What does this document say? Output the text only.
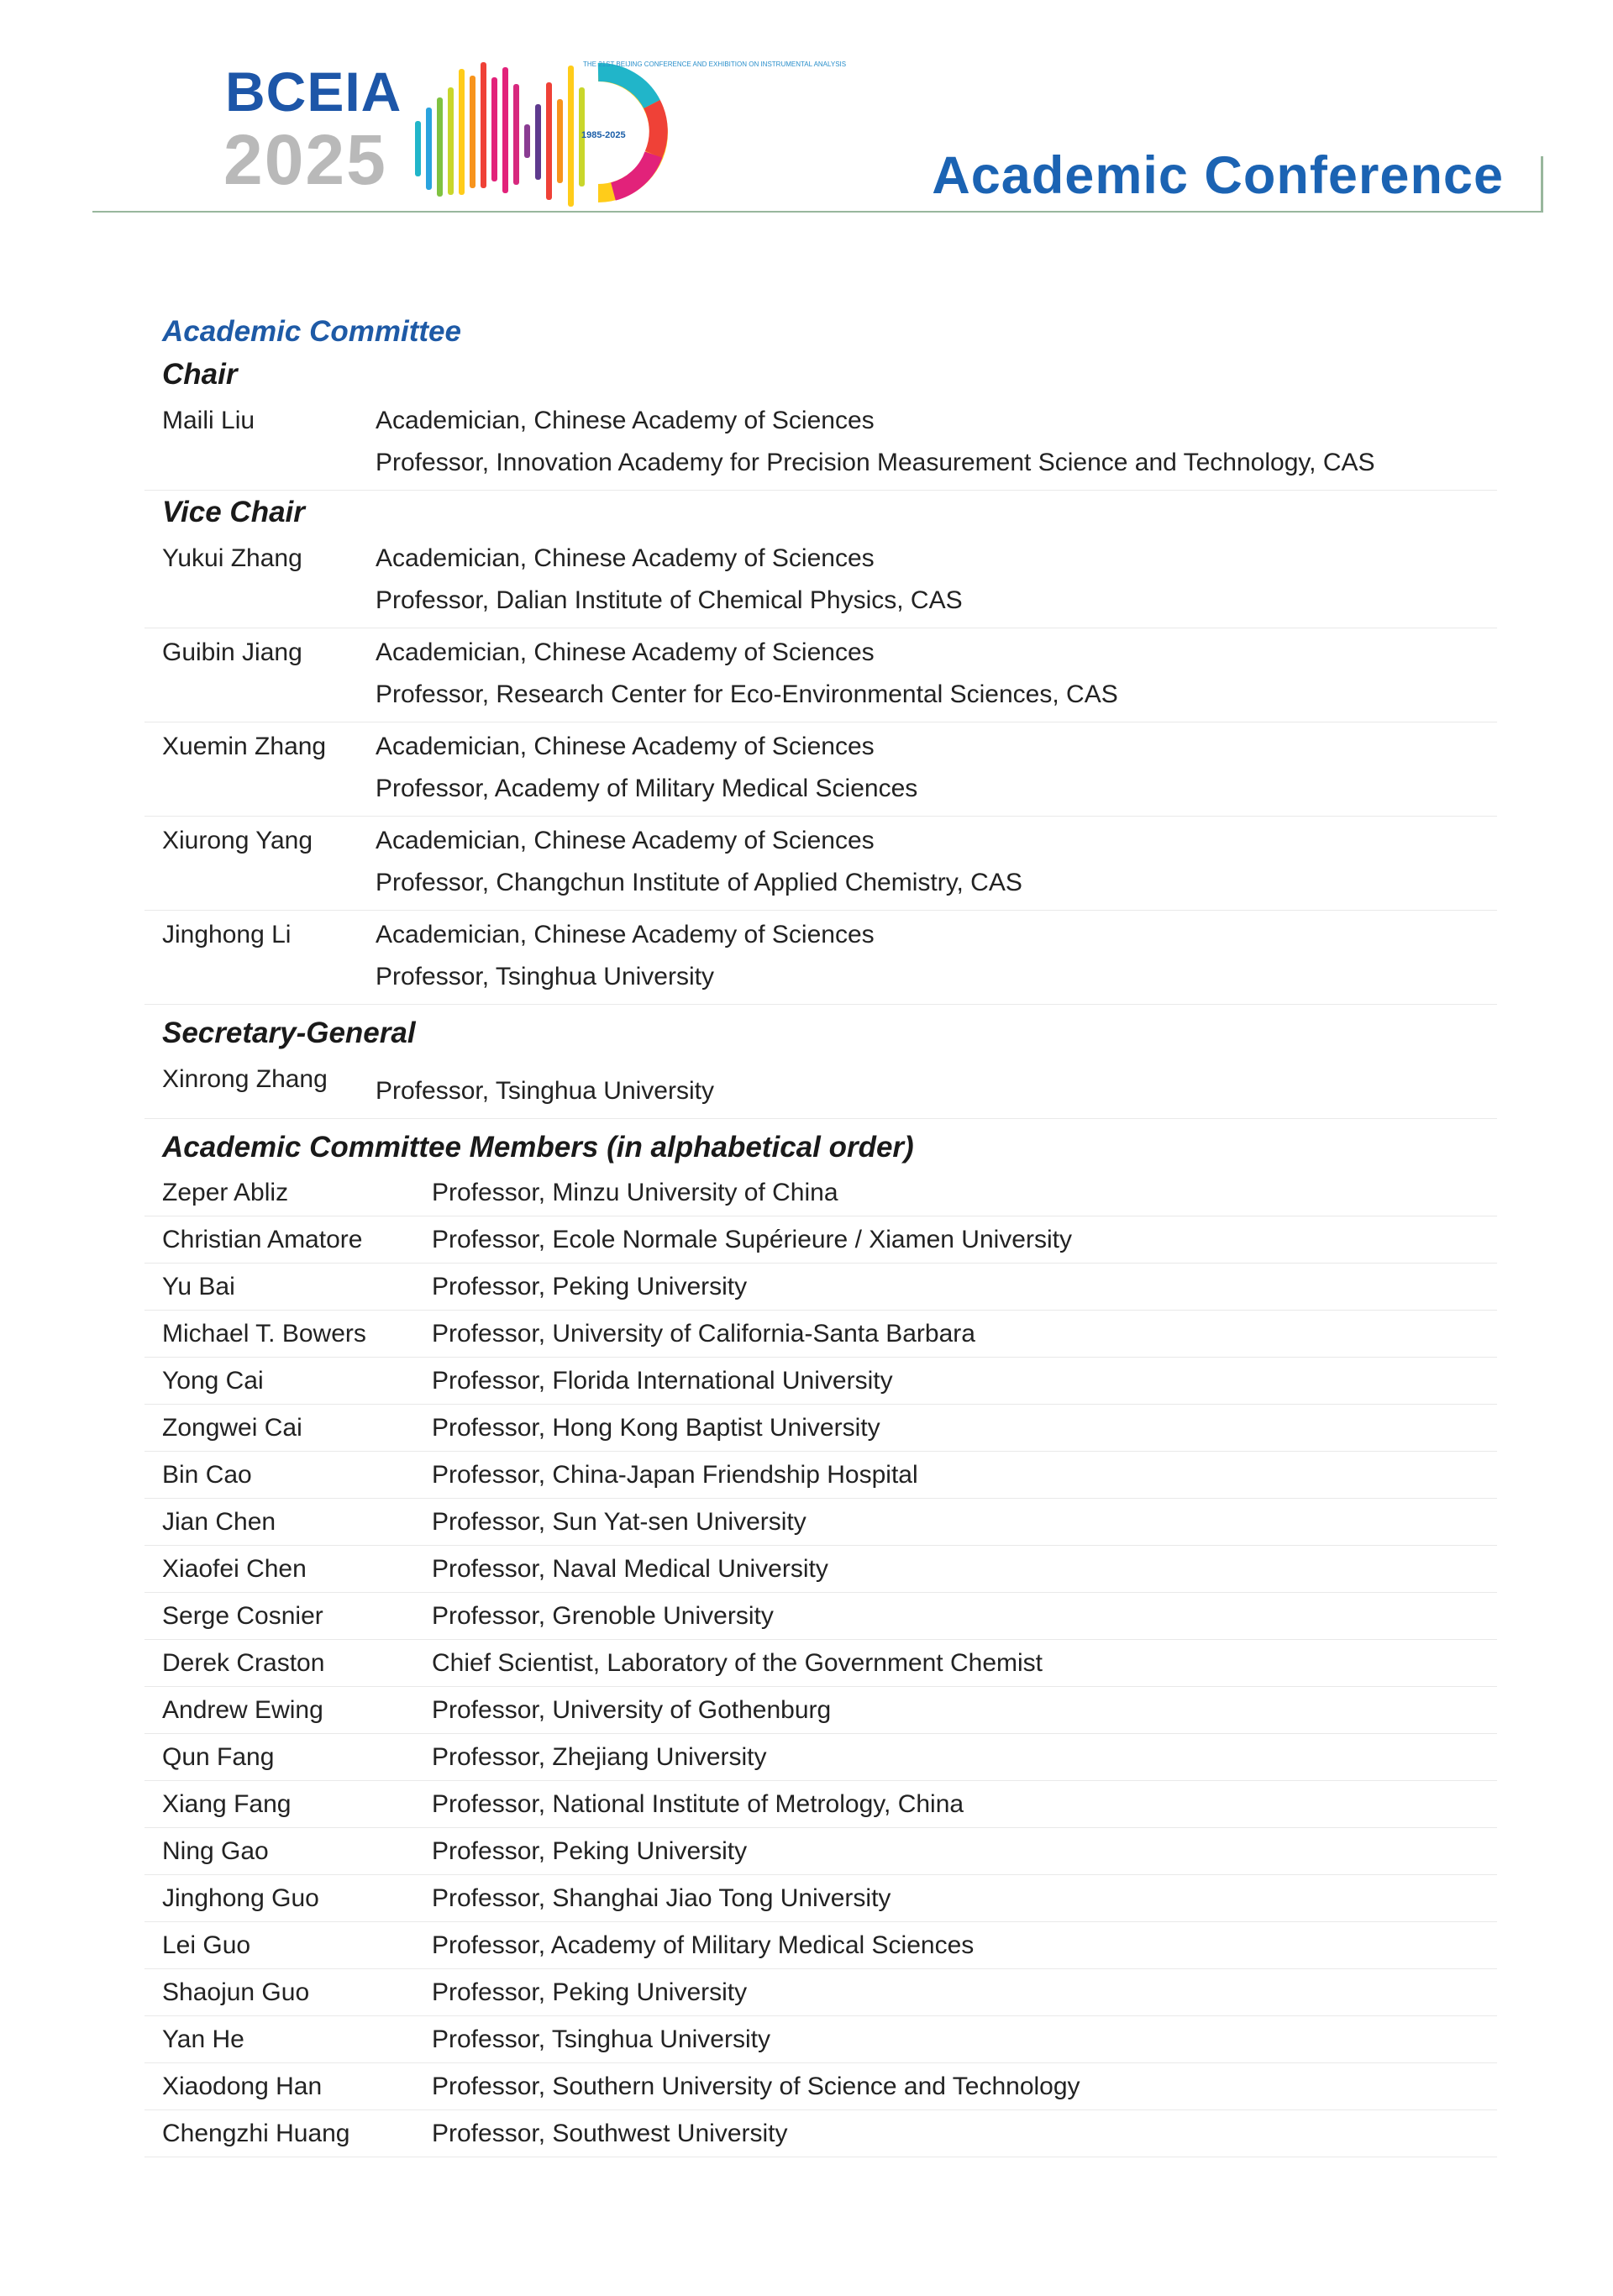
BCEIA
2025
THE 21ST BEIJING CONFERENCE AND EXHIBITION ON INSTRUMENTAL ANALYSIS
1985-2025
Academic Conference
Academic Committee
Chair
Maili Liu	Academician, Chinese Academy of Sciences
Professor, Innovation Academy for Precision Measurement Science and Technology, CAS
Vice Chair
Yukui Zhang	Academician, Chinese Academy of Sciences
Professor, Dalian Institute of Chemical Physics, CAS
Guibin Jiang	Academician, Chinese Academy of Sciences
Professor, Research Center for Eco-Environmental Sciences, CAS
Xuemin Zhang	Academician, Chinese Academy of Sciences
Professor, Academy of Military Medical Sciences
Xiurong Yang	Academician, Chinese Academy of Sciences
Professor, Changchun Institute of Applied Chemistry, CAS
Jinghong Li	Academician, Chinese Academy of Sciences
Professor, Tsinghua University
Secretary-General
Xinrong Zhang	Professor, Tsinghua University
Academic Committee Members (in alphabetical order)
Zeper Abliz	Professor, Minzu University of China
Christian Amatore	Professor, Ecole Normale Supérieure / Xiamen University
Yu Bai	Professor, Peking University
Michael T. Bowers	Professor, University of California-Santa Barbara
Yong Cai	Professor, Florida International University
Zongwei Cai	Professor, Hong Kong Baptist University
Bin Cao	Professor, China-Japan Friendship Hospital
Jian Chen	Professor, Sun Yat-sen University
Xiaofei Chen	Professor, Naval Medical University
Serge Cosnier	Professor, Grenoble University
Derek Craston	Chief Scientist, Laboratory of the Government Chemist
Andrew Ewing	Professor, University of Gothenburg
Qun Fang	Professor, Zhejiang University
Xiang Fang	Professor, National Institute of Metrology, China
Ning Gao	Professor, Peking University
Jinghong Guo	Professor, Shanghai Jiao Tong University
Lei Guo	Professor, Academy of Military Medical Sciences
Shaojun Guo	Professor, Peking University
Yan He	Professor, Tsinghua University
Xiaodong Han	Professor, Southern University of Science and Technology
Chengzhi Huang	Professor, Southwest University
